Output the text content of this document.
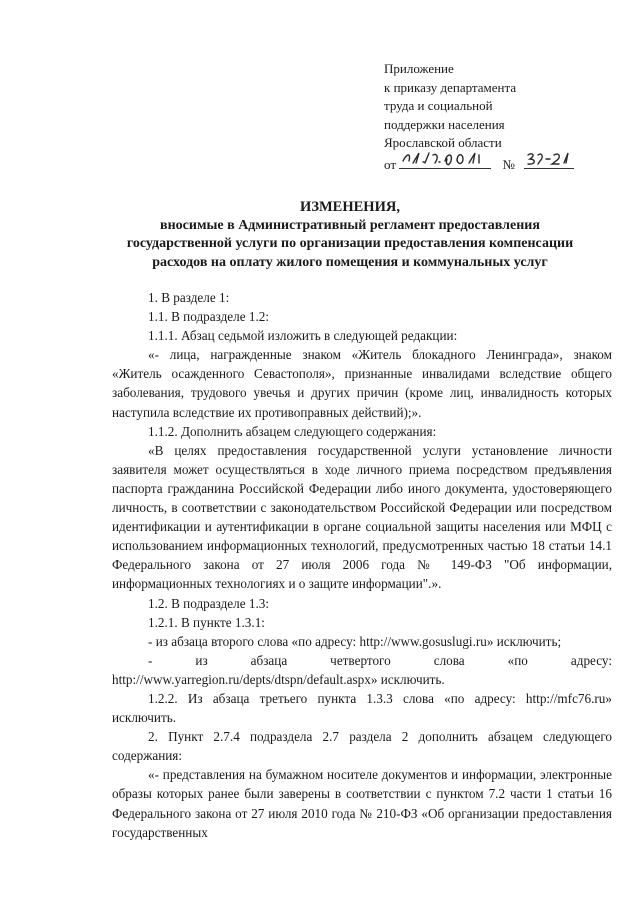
Приложение
к приказу департамента
труда и социальной
поддержки населения
Ярославской области
от	№
ИЗМЕНЕНИЯ,
вносимые в Административный регламент предоставления
государственной услуги по организации предоставления компенсации
расходов на оплату жилого помещения и коммунальных услуг

1. В разделе 1:

1.1. В подразделе 1.2:

1.1.1. Абзац седьмой изложить в следующей редакции:

«- лица, награжденные знаком «Житель блокадного Ленинграда», знаком «Житель осажденного Севастополя», признанные инвалидами вследствие общего заболевания, трудового увечья и других причин (кроме лиц, инвалидность которых наступила вследствие их противоправных действий);».

1.1.2. Дополнить абзацем следующего содержания:

«В целях предоставления государственной услуги установление личности заявителя может осуществляться в ходе личного приема посредством предъявления паспорта гражданина Российской Федерации либо иного документа, удостоверяющего личность, в соответствии с законодательством Российской Федерации или посредством идентификации и аутентификации в органе социальной защиты населения или МФЦ с использованием информационных технологий, предусмотренных частью 18 статьи 14.1 Федерального закона от 27 июля 2006 года № 149-ФЗ "Об информации, информационных технологиях и о защите информации".».

1.2. В подразделе 1.3:

1.2.1. В пункте 1.3.1:

- из абзаца второго слова «по адресу: http://www.gosuslugi.ru» исключить;

- из абзаца четвертого слова «по адресу: http://www.yarregion.ru/depts/dtspn/default.aspx» исключить.

1.2.2. Из абзаца третьего пункта 1.3.3 слова «по адресу: http://mfc76.ru» исключить.

2. Пункт 2.7.4 подраздела 2.7 раздела 2 дополнить абзацем следующего содержания:

«- представления на бумажном носителе документов и информации, электронные образы которых ранее были заверены в соответствии с пунктом 7.2 части 1 статьи 16 Федерального закона от 27 июля 2010 года № 210-ФЗ «Об организации предоставления государственных
